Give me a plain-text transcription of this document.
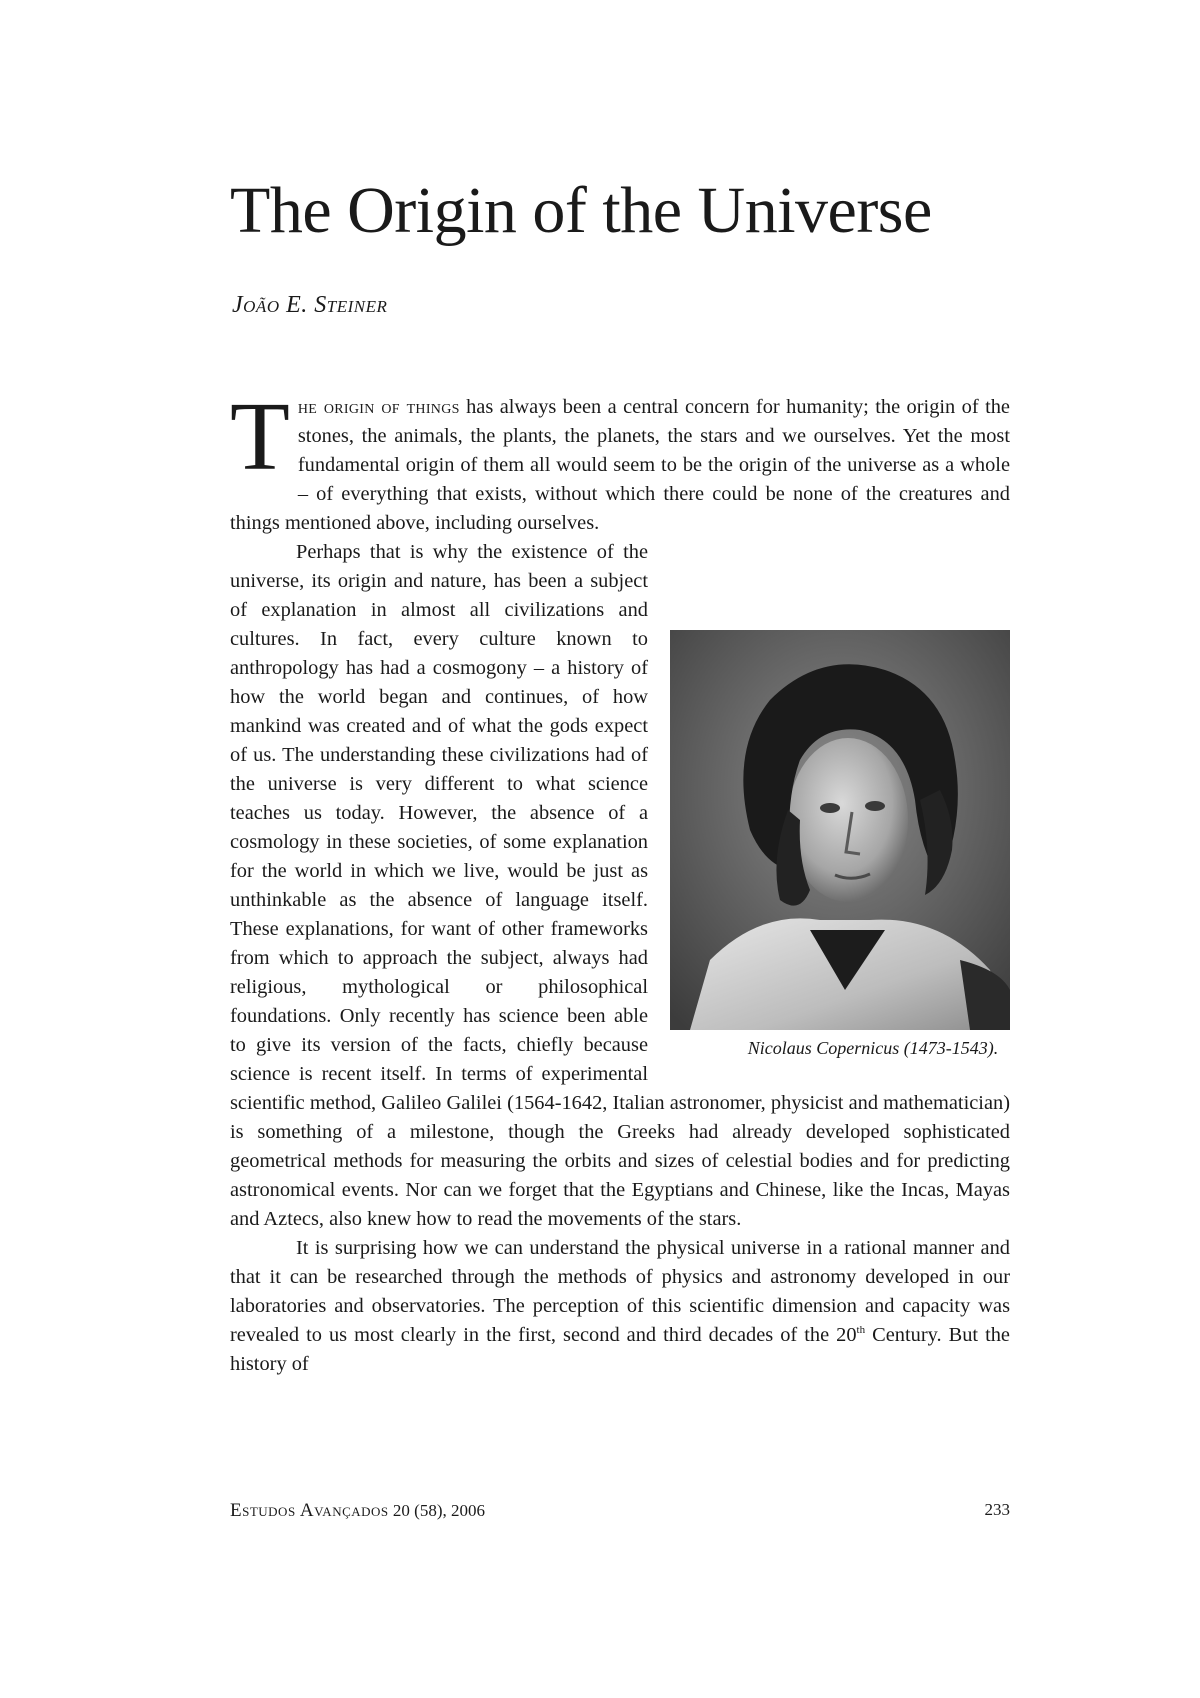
The Origin of the Universe
João E. Steiner

The origin of things has always been a central concern for humanity; the origin of the stones, the animals, the plants, the planets, the stars and we ourselves. Yet the most fundamental origin of them all would seem to be the origin of the universe as a whole – of everything that exists, without which there could be none of the creatures and things mentioned above, including ourselves.

Nicolaus Copernicus (1473-1543).
Perhaps that is why the existence of the universe, its origin and nature, has been a subject of explanation in almost all civilizations and cultures. In fact, every culture known to anthropology has had a cosmogony – a history of how the world began and continues, of how mankind was created and of what the gods expect of us. The understanding these civilizations had of the universe is very different to what science teaches us today. However, the absence of a cosmology in these societies, of some explanation for the world in which we live, would be just as unthinkable as the absence of language itself. These explanations, for want of other frameworks from which to approach the subject, always had religious, mythological or philosophical foundations. Only recently has science been able to give its version of the facts, chiefly because science is recent itself. In terms of experimental scientific method, Galileo Galilei (1564-1642, Italian astronomer, physicist and mathematician) is something of a milestone, though the Greeks had already developed sophisticated geometrical methods for measuring the orbits and sizes of celestial bodies and for predicting astronomical events. Nor can we forget that the Egyptians and Chinese, like the Incas, Mayas and Aztecs, also knew how to read the movements of the stars.

It is surprising how we can understand the physical universe in a rational manner and that it can be researched through the methods of physics and astronomy developed in our laboratories and observatories. The perception of this scientific dimension and capacity was revealed to us most clearly in the first, second and third decades of the 20th Century. But the history of

Estudos Avançados 20 (58), 2006	233
